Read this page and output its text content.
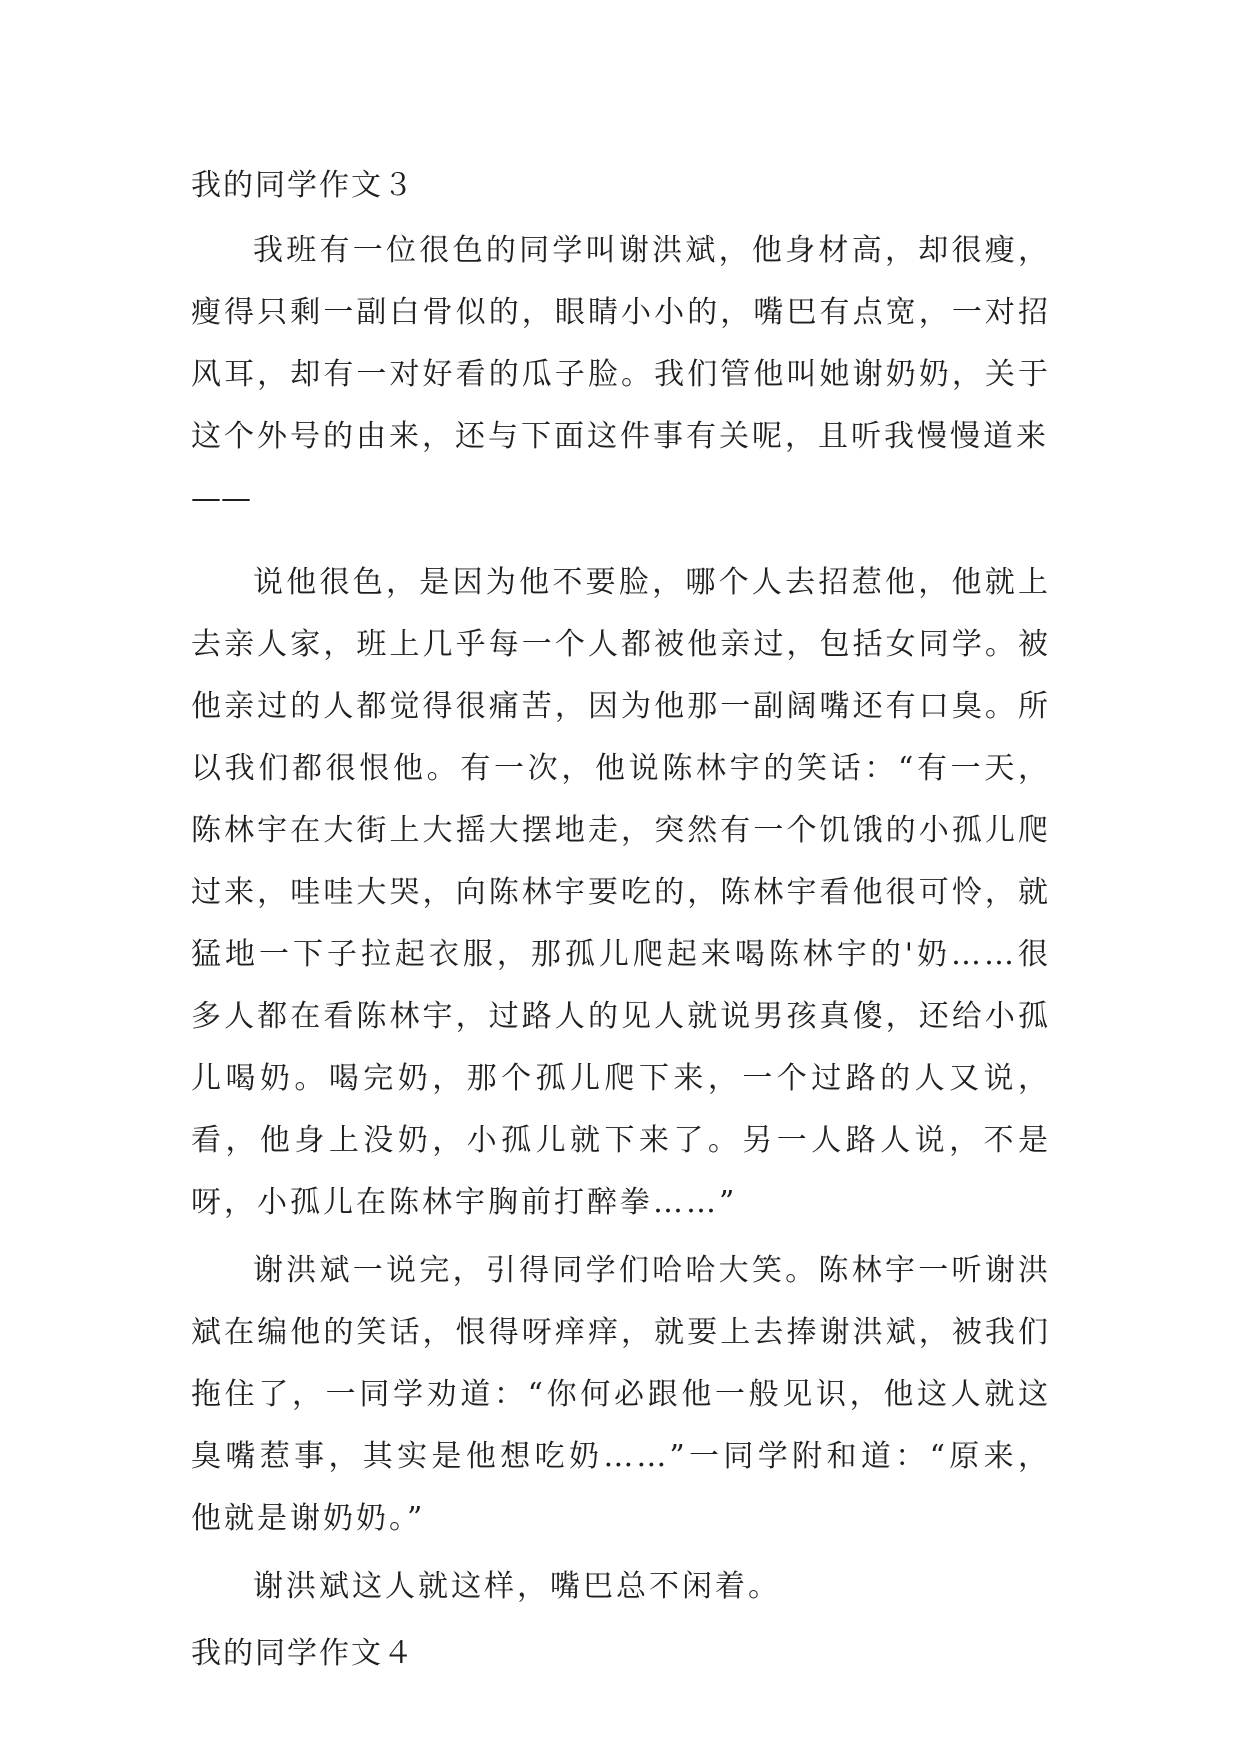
我的同学作文３

我班有一位很色的同学叫谢洪斌，他身材高，却很瘦，瘦得只剩一副白骨似的，眼睛小小的，嘴巴有点宽，一对招风耳，却有一对好看的瓜子脸。我们管他叫她谢奶奶，关于这个外号的由来，还与下面这件事有关呢，且听我慢慢道来

——

说他很色，是因为他不要脸，哪个人去招惹他，他就上去亲人家，班上几乎每一个人都被他亲过，包括女同学。被他亲过的人都觉得很痛苦，因为他那一副阔嘴还有口臭。所以我们都很恨他。有一次，他说陈林宇的笑话：“有一天，陈林宇在大街上大摇大摆地走，突然有一个饥饿的小孤儿爬过来，哇哇大哭，向陈林宇要吃的，陈林宇看他很可怜，就猛地一下子拉起衣服，那孤儿爬起来喝陈林宇的'奶……很多人都在看陈林宇，过路人的见人就说男孩真傻，还给小孤儿喝奶。喝完奶，那个孤儿爬下来，一个过路的人又说，看，他身上没奶，小孤儿就下来了。另一人路人说，不是呀，小孤儿在陈林宇胸前打醉拳……”

谢洪斌一说完，引得同学们哈哈大笑。陈林宇一听谢洪斌在编他的笑话，恨得呀痒痒，就要上去捧谢洪斌，被我们拖住了，一同学劝道：“你何必跟他一般见识，他这人就这臭嘴惹事，其实是他想吃奶……”一同学附和道：“原来，他就是谢奶奶。”

谢洪斌这人就这样，嘴巴总不闲着。

我的同学作文４
